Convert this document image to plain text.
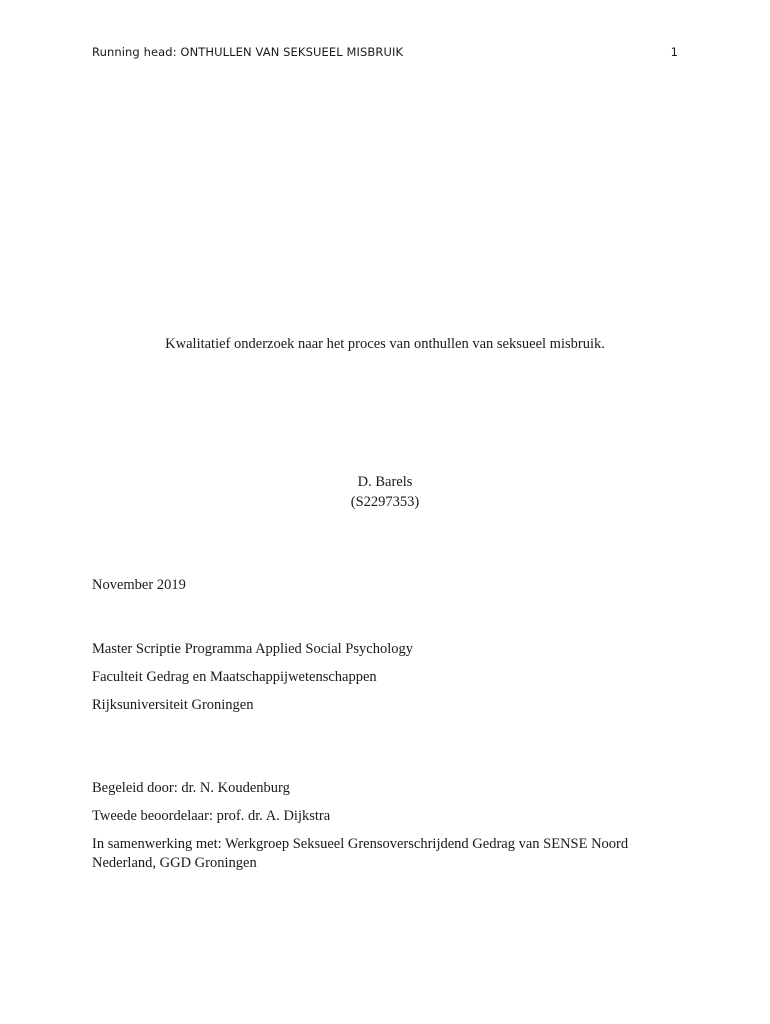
Running head: ONTHULLEN VAN SEKSUEEL MISBRUIK	1
Kwalitatief onderzoek naar het proces van onthullen van seksueel misbruik.
D. Barels
(S2297353)
November 2019
Master Scriptie Programma Applied Social Psychology
Faculteit Gedrag en Maatschappijwetenschappen
Rijksuniversiteit Groningen
Begeleid door: dr. N. Koudenburg
Tweede beoordelaar: prof. dr. A. Dijkstra
In samenwerking met: Werkgroep Seksueel Grensoverschrijdend Gedrag van SENSE Noord
Nederland, GGD Groningen
